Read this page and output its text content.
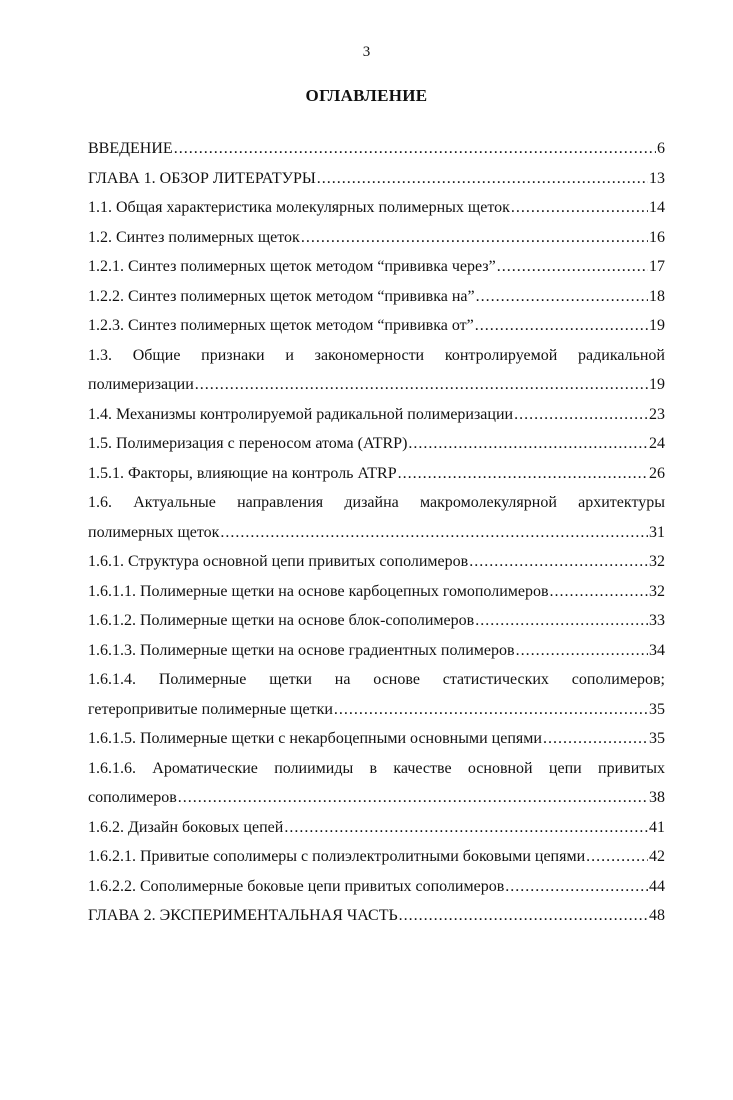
3
ОГЛАВЛЕНИЕ
ВВЕДЕНИЕ .....	6
ГЛАВА 1. ОБЗОР ЛИТЕРАТУРЫ .....	13
1.1. Общая характеристика молекулярных полимерных щеток .....	14
1.2. Синтез полимерных щеток .....	16
1.2.1. Синтез полимерных щеток методом “прививка через” .....	17
1.2.2. Синтез полимерных щеток методом “прививка на” .....	18
1.2.3. Синтез полимерных щеток методом “прививка от” .....	19
1.3. Общие признаки и закономерности контролируемой радикальной
полимеризации .....	19
1.4. Механизмы контролируемой радикальной полимеризации .....	23
1.5. Полимеризация с переносом атома (ATRP) .....	24
1.5.1. Факторы, влияющие на контроль ATRP .....	26
1.6. Актуальные направления дизайна макромолекулярной архитектуры
полимерных щеток .....	31
1.6.1. Структура основной цепи привитых сополимеров .....	32
1.6.1.1. Полимерные щетки на основе карбоцепных гомополимеров .....	32
1.6.1.2. Полимерные щетки на основе блок-сополимеров .....	33
1.6.1.3. Полимерные щетки на основе градиентных полимеров .....	34
1.6.1.4. Полимерные щетки на основе статистических сополимеров;
гетеропривитые полимерные щетки .....	35
1.6.1.5. Полимерные щетки с некарбоцепными основными цепями .....	35
1.6.1.6. Ароматические полиимиды в качестве основной цепи привитых
сополимеров .....	38
1.6.2. Дизайн боковых цепей .....	41
1.6.2.1. Привитые сополимеры с полиэлектролитными боковыми цепями .....	42
1.6.2.2. Сополимерные боковые цепи привитых сополимеров .....	44
ГЛАВА 2. ЭКСПЕРИМЕНТАЛЬНАЯ ЧАСТЬ .....	48
